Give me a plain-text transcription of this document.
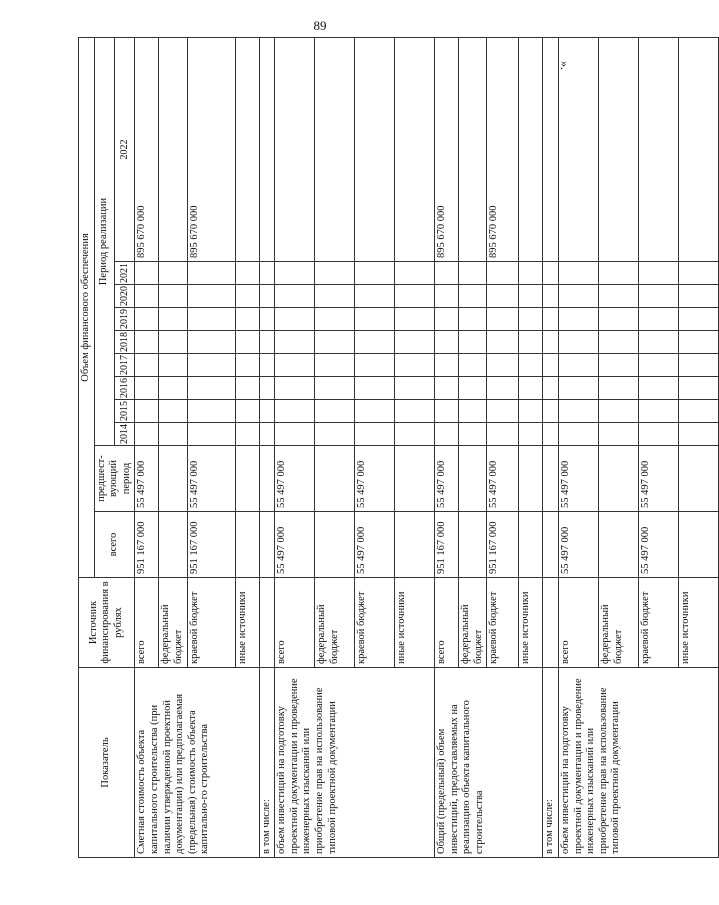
89
».
Показатель	Источник финансирования в рублях	Объем финансового обеспечения										
		всего	предшест-вующий период	Период реализации								
				2014	2015	2016	2017	2018	2019	2020	2021	2022
Сметная стоимость объекта капитального строительства (при наличии утвержденной проектной документации) или предполагаемая (предельная) стоимость объекта капитально-го строительства	всего	951 167 000	55 497 000									895 670 000
	федеральный бюджет											
	краевой бюджет	951 167 000	55 497 000									895 670 000
	иные источники											
в том числе:												
объем инвестиций на подготовку проектной документации и проведение инженерных изысканий или приобретение прав на использование типовой проектной документации	всего	55 497 000	55 497 000									
	федеральный бюджет											
	краевой бюджет	55 497 000	55 497 000									
	иные источники											
Общий (предельный) объем инвестиций, предоставляемых на реализацию объекта капитального строительства	всего	951 167 000	55 497 000									895 670 000
	федеральный бюджет											
	краевой бюджет	951 167 000	55 497 000									895 670 000
	иные источники											
в том числе:												
объем инвестиций на подготовку проектной документации и проведение инженерных изысканий или приобретение прав на использование типовой проектной документации	всего	55 497 000	55 497 000									
	федеральный бюджет											
	краевой бюджет	55 497 000	55 497 000									
	иные источники											
